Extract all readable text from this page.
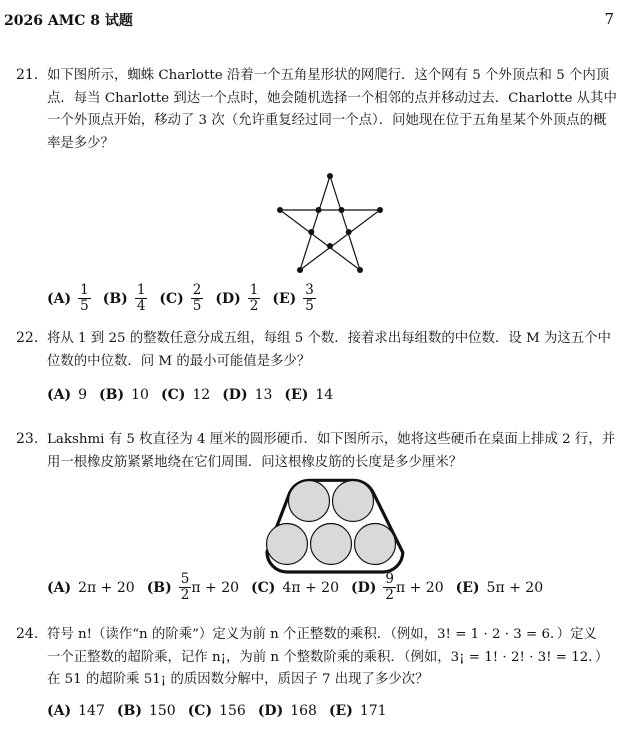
2026 AMC 8 试题	7
21. 如下图所示，蜘蛛 Charlotte 沿着一个五角星形状的网爬行．这个网有 5 个外顶点和 5 个内顶点．每当 Charlotte 到达一个点时，她会随机选择一个相邻的点并移动过去．Charlotte 从其中一个外顶点开始，移动了 3 次（允许重复经过同一个点）．问她现在位于五角星某个外顶点的概率是多少？
$(A) \frac{1}{5} (B) \frac{1}{4} (C) \frac{2}{5} (D) \frac{1}{2} (E) \frac{3}{5}$
22. 将从 1 到 25 的整数任意分成五组，每组 5 个数．接着求出每组数的中位数．设 M 为这五个中位数的中位数．问 M 的最小可能值是多少？
(A) 9 (B) 10 (C) 12 (D) 13 (E) 14
23. Lakshmi 有 5 枚直径为 4 厘米的圆形硬币．如下图所示，她将这些硬币在桌面上排成 2 行，并用一根橡皮筋紧紧地绕在它们周围．问这根橡皮筋的长度是多少厘米？
(A) 2π + 20 $(B) \frac{5}{2}$ π + 20 (C) 4π + 20 $(D) \frac{9}{2}$ π + 20 (E) 5π + 20
24. 符号 n!（读作“n 的阶乘”）定义为前 n 个正整数的乘积．（例如，3! = 1 · 2 · 3 = 6．）定义
一个正整数的超阶乘，记作 n¡，为前 n 个整数阶乘的乘积．（例如，3¡ = 1! · 2! · 3! = 12．）
在 51 的超阶乘 51¡ 的质因数分解中，质因子 7 出现了多少次？
(A) 147 (B) 150 (C) 156 (D) 168 (E) 171
